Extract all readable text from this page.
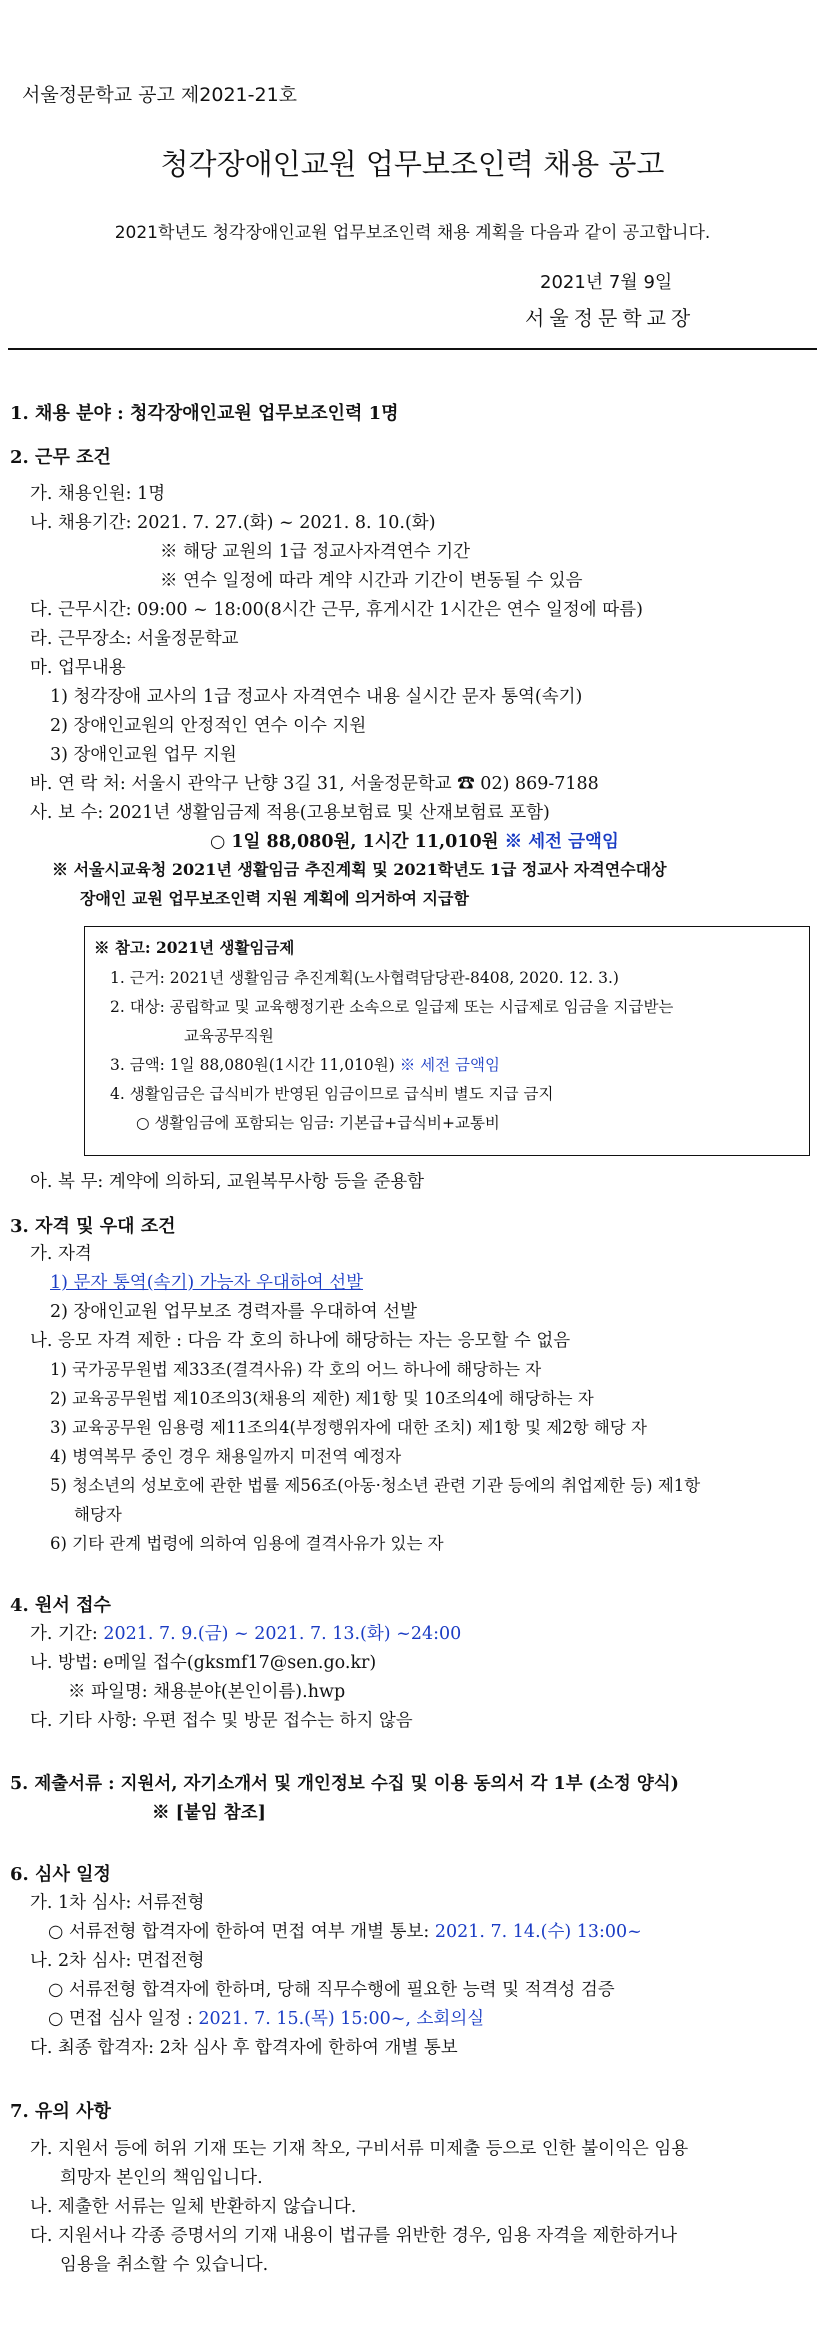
서울정문학교 공고 제2021-21호
청각장애인교원 업무보조인력 채용 공고
2021학년도 청각장애인교원 업무보조인력 채용 계획을 다음과 같이 공고합니다.
2021년 7월 9일
서울정문학교장
1. 채용 분야 : 청각장애인교원 업무보조인력 1명
2. 근무 조건
가. 채용인원: 1명
나. 채용기간: 2021. 7. 27.(화) ~ 2021. 8. 10.(화)
※ 해당 교원의 1급 정교사자격연수 기간
※ 연수 일정에 따라 계약 시간과 기간이 변동될 수 있음
다. 근무시간: 09:00 ~ 18:00(8시간 근무, 휴게시간 1시간은 연수 일정에 따름)
라. 근무장소: 서울정문학교
마. 업무내용
1) 청각장애 교사의 1급 정교사 자격연수 내용 실시간 문자 통역(속기)
2) 장애인교원의 안정적인 연수 이수 지원
3) 장애인교원 업무 지원
바. 연 락 처: 서울시 관악구 난향 3길 31, 서울정문학교 ☎ 02) 869-7188
사. 보 수: 2021년 생활임금제 적용(고용보험료 및 산재보험료 포함)
○ 1일 88,080원, 1시간 11,010원 ※ 세전 금액임
※ 서울시교육청 2021년 생활임금 추진계획 및 2021학년도 1급 정교사 자격연수대상
장애인 교원 업무보조인력 지원 계획에 의거하여 지급함
※ 참고: 2021년 생활임금제
1. 근거: 2021년 생활임금 추진계획(노사협력담당관-8408, 2020. 12. 3.)
2. 대상: 공립학교 및 교육행정기관 소속으로 일급제 또는 시급제로 임금을 지급받는
교육공무직원
3. 금액: 1일 88,080원(1시간 11,010원) ※ 세전 금액임
4. 생활임금은 급식비가 반영된 임금이므로 급식비 별도 지급 금지
○ 생활임금에 포함되는 임금: 기본급+급식비+교통비
아. 복 무: 계약에 의하되, 교원복무사항 등을 준용함
3. 자격 및 우대 조건
가. 자격
1) 문자 통역(속기) 가능자 우대하여 선발
2) 장애인교원 업무보조 경력자를 우대하여 선발
나. 응모 자격 제한 : 다음 각 호의 하나에 해당하는 자는 응모할 수 없음
1) 국가공무원법 제33조(결격사유) 각 호의 어느 하나에 해당하는 자
2) 교육공무원법 제10조의3(채용의 제한) 제1항 및 10조의4에 해당하는 자
3) 교육공무원 임용령 제11조의4(부정행위자에 대한 조치) 제1항 및 제2항 해당 자
4) 병역복무 중인 경우 채용일까지 미전역 예정자
5) 청소년의 성보호에 관한 법률 제56조(아동·청소년 관련 기관 등에의 취업제한 등) 제1항
해당자
6) 기타 관계 법령에 의하여 임용에 결격사유가 있는 자
4. 원서 접수
가. 기간: 2021. 7. 9.(금) ~ 2021. 7. 13.(화) ~24:00
나. 방법: e메일 접수(gksmf17@sen.go.kr)
※ 파일명: 채용분야(본인이름).hwp
다. 기타 사항: 우편 접수 및 방문 접수는 하지 않음
5. 제출서류 : 지원서, 자기소개서 및 개인정보 수집 및 이용 동의서 각 1부 (소정 양식)
※ [붙임 참조]
6. 심사 일정
가. 1차 심사: 서류전형
○ 서류전형 합격자에 한하여 면접 여부 개별 통보: 2021. 7. 14.(수) 13:00~
나. 2차 심사: 면접전형
○ 서류전형 합격자에 한하며, 당해 직무수행에 필요한 능력 및 적격성 검증
○ 면접 심사 일정 : 2021. 7. 15.(목) 15:00~, 소회의실
다. 최종 합격자: 2차 심사 후 합격자에 한하여 개별 통보
7. 유의 사항
가. 지원서 등에 허위 기재 또는 기재 착오, 구비서류 미제출 등으로 인한 불이익은 임용
희망자 본인의 책임입니다.
나. 제출한 서류는 일체 반환하지 않습니다.
다. 지원서나 각종 증명서의 기재 내용이 법규를 위반한 경우, 임용 자격을 제한하거나
임용을 취소할 수 있습니다.
